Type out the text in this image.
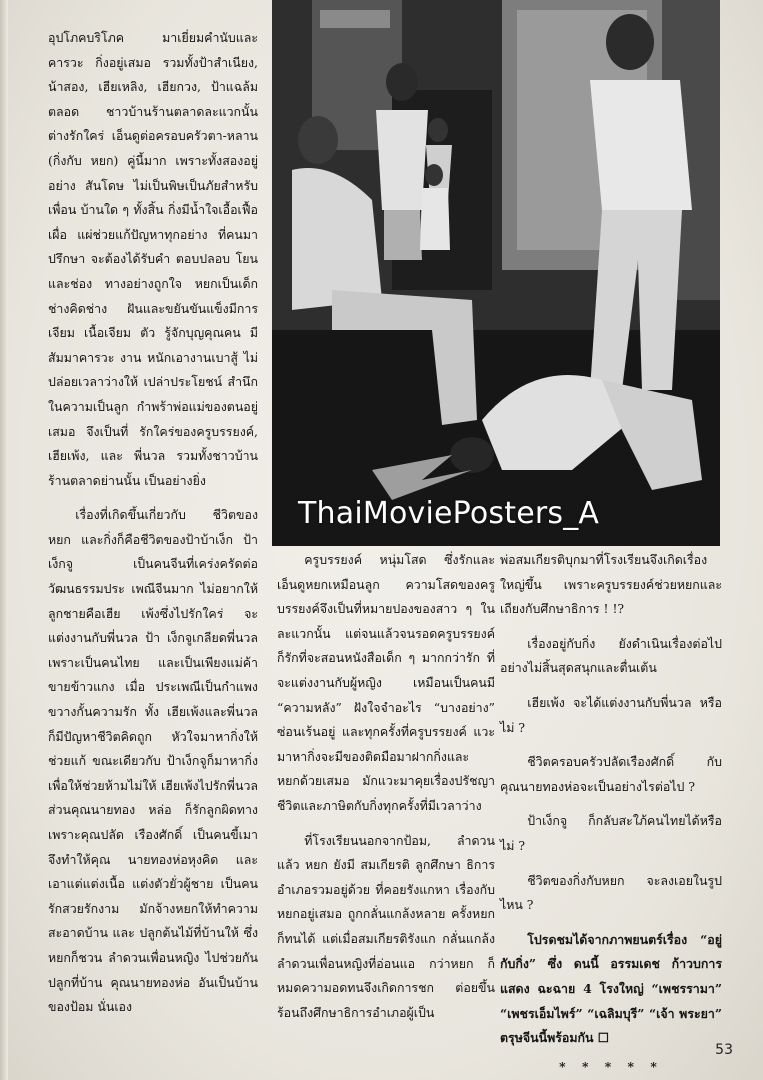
อุปโภคบริโภค มาเยี่ยมคำนับและคารวะ กิ่งอยู่เสมอ รวมทั้งป้าสำเนียง, น้าสอง, เฮียเหลิง, เฮียกวง, ป้าแฉล้ม ตลอด ชาวบ้านร้านตลาดละแวกนั้น ต่างรักใคร่ เอ็นดูต่อครอบครัวตา-หลาน (กิ่งกับ หยก) คู่นี้มาก เพราะทั้งสองอยู่อย่าง สันโดษ ไม่เป็นพิษเป็นภัยสำหรับเพื่อน บ้านใด ๆ ทั้งสิ้น กิ่งมีน้ำใจเอื้อเฟื้อเผื่อ แผ่ช่วยแก้ปัญหาทุกอย่าง ที่คนมาปรึกษา จะต้องได้รับคำ ตอบปลอบ โยนและช่อง ทางอย่างถูกใจ หยกเป็นเด็กช่างคิดช่าง ฝันและขยันขันแข็งมีการเจียม เนื้อเจียม ตัว รู้จักบุญคุณคน มีสัมมาคารวะ งาน หนักเอางานเบาสู้ ไม่ปล่อยเวลาว่างให้ เปล่าประโยชน์ สำนึกในความเป็นลูก กำพร้าพ่อแม่ของตนอยู่เสมอ จึงเป็นที่ รักใคร่ของครูบรรยงค์, เฮียเพ้ง, และ พี่นวล รวมทั้งชาวบ้านร้านตลาดย่านนั้น เป็นอย่างยิ่ง

เรื่องที่เกิดขึ้นเกี่ยวกับ ชีวิตของหยก และกิ่งก็คือชีวิตของป้าบ้าเง็ก ป้าเง็กจู เป็นคนจีนที่เคร่งครัดต่อ วัฒนธรรมประ เพณีจีนมาก ไม่อยากให้ลูกชายคือเฮีย เพ้งซึ่งไปรักใคร่ จะแต่งงานกับพี่นวล ป้า เง็กจูเกลียดพี่นวล เพราะเป็นคนไทย และเป็นเพียงแม่ค้าขายข้าวแกง เมื่อ ประเพณีเป็นกำแพงขวางกั้นความรัก ทั้ง เฮียเพ้งและพี่นวล ก็มีปัญหาชีวิตคิดถูก หัวใจมาหากิ่งให้ช่วยแก้ ขณะเดียวกับ ป้าเง็กจูก็มาหากิ่ง เพื่อให้ช่วยห้ามไม่ให้ เฮียเพ้งไปรักพี่นวล ส่วนคุณนายทอง หล่อ ก็รักลูกผิดทาง เพราะคุณปลัด เรืองศักดิ์ เป็นคนขี้เมา จึงทำให้คุณ นายทองห่อหุงคิด และเอาแต่แต่งเนื้อ แต่งตัวยั่วผู้ชาย เป็นคนรักสวยรักงาม มักจ้างหยกให้ทำความสะอาดบ้าน และ ปลูกต้นไม้ที่บ้านให้ ซึ่งหยกก็ชวน ลำดวนเพื่อนหญิง ไปช่วยกันปลูกที่บ้าน คุณนายทองห่อ อันเป็นบ้านของป้อม นั่นเอง

ThaiMoviePosters_A

ครูบรรยงค์ หนุ่มโสด ซึ่งรักและ เอ็นดูหยกเหมือนลูก ความโสดของครู บรรยงค์จึงเป็นที่หมายปองของสาว ๆ ใน ละแวกนั้น แต่จนแล้วจนรอดครูบรรยงค์ ก็รักที่จะสอนหนังสือเด็ก ๆ มากกว่ารัก ที่จะแต่งงานกับผู้หญิง เหมือนเป็นคนมี “ความหลัง” ฝังใจจำอะไร “บางอย่าง” ซ่อนเร้นอยู่ และทุกครั้งที่ครูบรรยงค์ แวะมาหากิ่งจะมีของติดมือมาฝากกิ่งและ หยกด้วยเสมอ มักแวะมาคุยเรื่องปรัชญา ชีวิตและภาษิตกับกิ่งทุกครั้งที่มีเวลาว่าง

ที่โรงเรียนนอกจากป้อม, ลำดวน แล้ว หยก ยังมี สมเกียรติ ลูกศึกษา ธิการอำเภอรวมอยู่ด้วย ที่คอยรังแกหา เรื่องกับหยกอยู่เสมอ ถูกกลั่นแกล้งหลาย ครั้งหยกก็ทนได้ แต่เมื่อสมเกียรติรังแก กลั่นแกล้ง ลำดวนเพื่อนหญิงที่อ่อนแอ กว่าหยก ก็หมดความอดทนจึงเกิดการชก ต่อยขึ้น ร้อนถึงศึกษาธิการอำเภอผู้เป็น

พ่อสมเกียรติบุกมาที่โรงเรียนจึงเกิดเรื่อง ใหญ่ขึ้น เพราะครูบรรยงค์ช่วยหยกและ เถียงกับศึกษาธิการ ! !?

เรื่องอยู่กับกิ่ง ยังดำเนินเรื่องต่อไป อย่างไม่สิ้นสุดสนุกและตื่นเต้น

เฮียเพ้ง จะได้แต่งงานกับพี่นวล หรือไม่ ?

ชีวิตครอบครัวปลัดเรืองศักดิ์ กับ คุณนายทองห่อจะเป็นอย่างไรต่อไป ?

ป้าเง็กจู ก็กลับสะใภ้คนไทยได้หรือ ไม่ ?

ชีวิตของกิ่งกับหยก จะลงเอยในรูป ไหน ?

โปรดชมได้จากภาพยนตร์เรื่อง “อยู่ กับกิ่ง” ซึ่ง ดนนี้ อรรมเดช ก้าวบการ แสดง ฉะฉาย 4 โรงใหญ่ “เพชรรามา” “เพชรเอ็มไพร์” “เฉลิมบุรี” “เจ้า พระยา” ตรุษจีนนี้พร้อมกัน ☐

* * * * *
53
